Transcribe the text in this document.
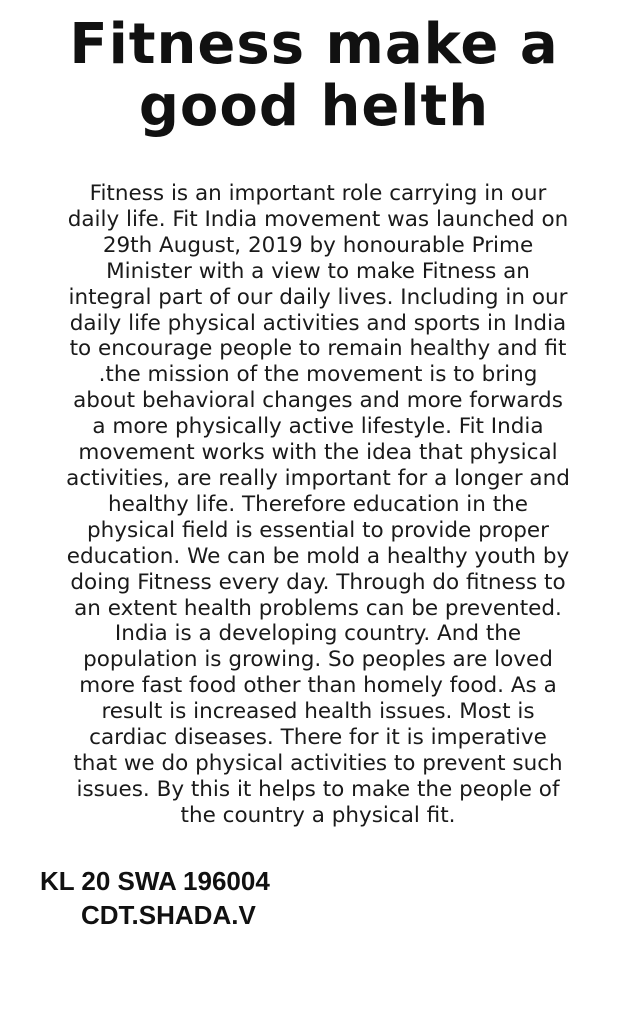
Fitness make a
good helth

Fitness is an important role carrying in our daily life. Fit India movement was launched on 29th August, 2019 by honourable Prime Minister with a view to make Fitness an integral part of our daily lives. Including in our daily life physical activities and sports in India to encourage people to remain healthy and fit .the mission of the movement is to bring about behavioral changes and more forwards a more physically active lifestyle. Fit India movement works with the idea that physical activities, are really important for a longer and healthy life. Therefore education in the physical field is essential to provide proper education. We can be mold a healthy youth by doing Fitness every day. Through do fitness to an extent health problems can be prevented. India is a developing country. And the population is growing. So peoples are loved more fast food other than homely food. As a result is increased health issues. Most is cardiac diseases. There for it is imperative that we do physical activities to prevent such issues. By this it helps to make the people of the country a physical fit.

KL 20 SWA 196004
CDT.SHADA.V
